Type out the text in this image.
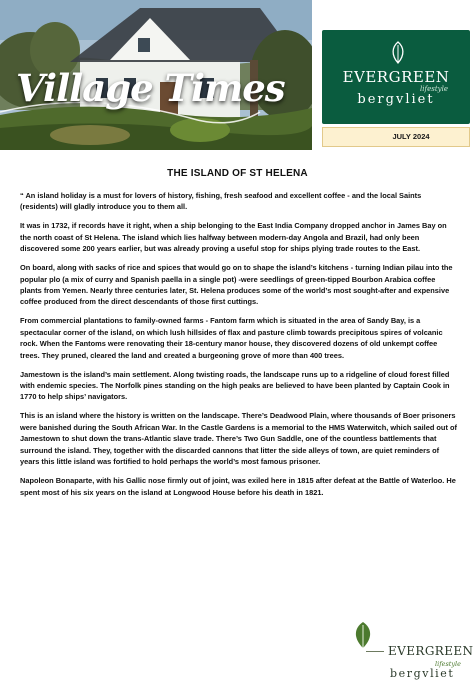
Village Times	EVERGREEN
lifestyle
bergvliet
JULY 2024
THE ISLAND OF ST HELENA

“ An island holiday is a must for lovers of history, fishing, fresh seafood and excellent coffee - and the local Saints (residents) will gladly introduce you to them all.

It was in 1732, if records have it right, when a ship belonging to the East India Company dropped anchor in James Bay on the north coast of St Helena. The island which lies halfway between modern-day Angola and Brazil, had only been discovered some 200 years earlier, but was already proving a useful stop for ships plying trade routes to the East.

On board, along with sacks of rice and spices that would go on to shape the island’s kitchens - turning Indian pilau into the popular plo (a mix of curry and Spanish paella in a single pot) -were seedlings of green-tipped Bourbon Arabica coffee plants from Yemen. Nearly three centuries later, St. Helena produces some of the world’s most sought-after and expensive coffee produced from the direct descendants of those first cuttings.

From commercial plantations to family-owned farms - Fantom farm which is situated in the area of Sandy Bay, is a spectacular corner of the island, on which lush hillsides of flax and pasture climb towards precipitous spires of volcanic rock. When the Fantoms were renovating their 18-century manor house, they discovered dozens of old unkempt coffee trees. They pruned, cleared the land and created a burgeoning grove of more than 400 trees.

Jamestown is the island’s main settlement. Along twisting roads, the landscape runs up to a ridgeline of cloud forest filled with endemic species. The Norfolk pines standing on the high peaks are believed to have been planted by Captain Cook in 1770 to help ships’ navigators.

This is an island where the history is written on the landscape. There’s Deadwood Plain, where thousands of Boer prisoners were banished during the South African War. In the Castle Gardens is a memorial to the HMS Waterwitch, which sailed out of Jamestown to shut down the trans-Atlantic slave trade. There’s Two Gun Saddle, one of the countless battlements that surround the island. They, together with the discarded cannons that litter the side alleys of town, are quiet reminders of years this little island was fortified to hold perhaps the world’s most famous prisoner.

Napoleon Bonaparte, with his Gallic nose firmly out of joint, was exiled here in 1815 after defeat at the Battle of Waterloo. He spent most of his six years on the island at Longwood House before his death in 1821.

EVERGREEN
lifestyle
bergvliet
